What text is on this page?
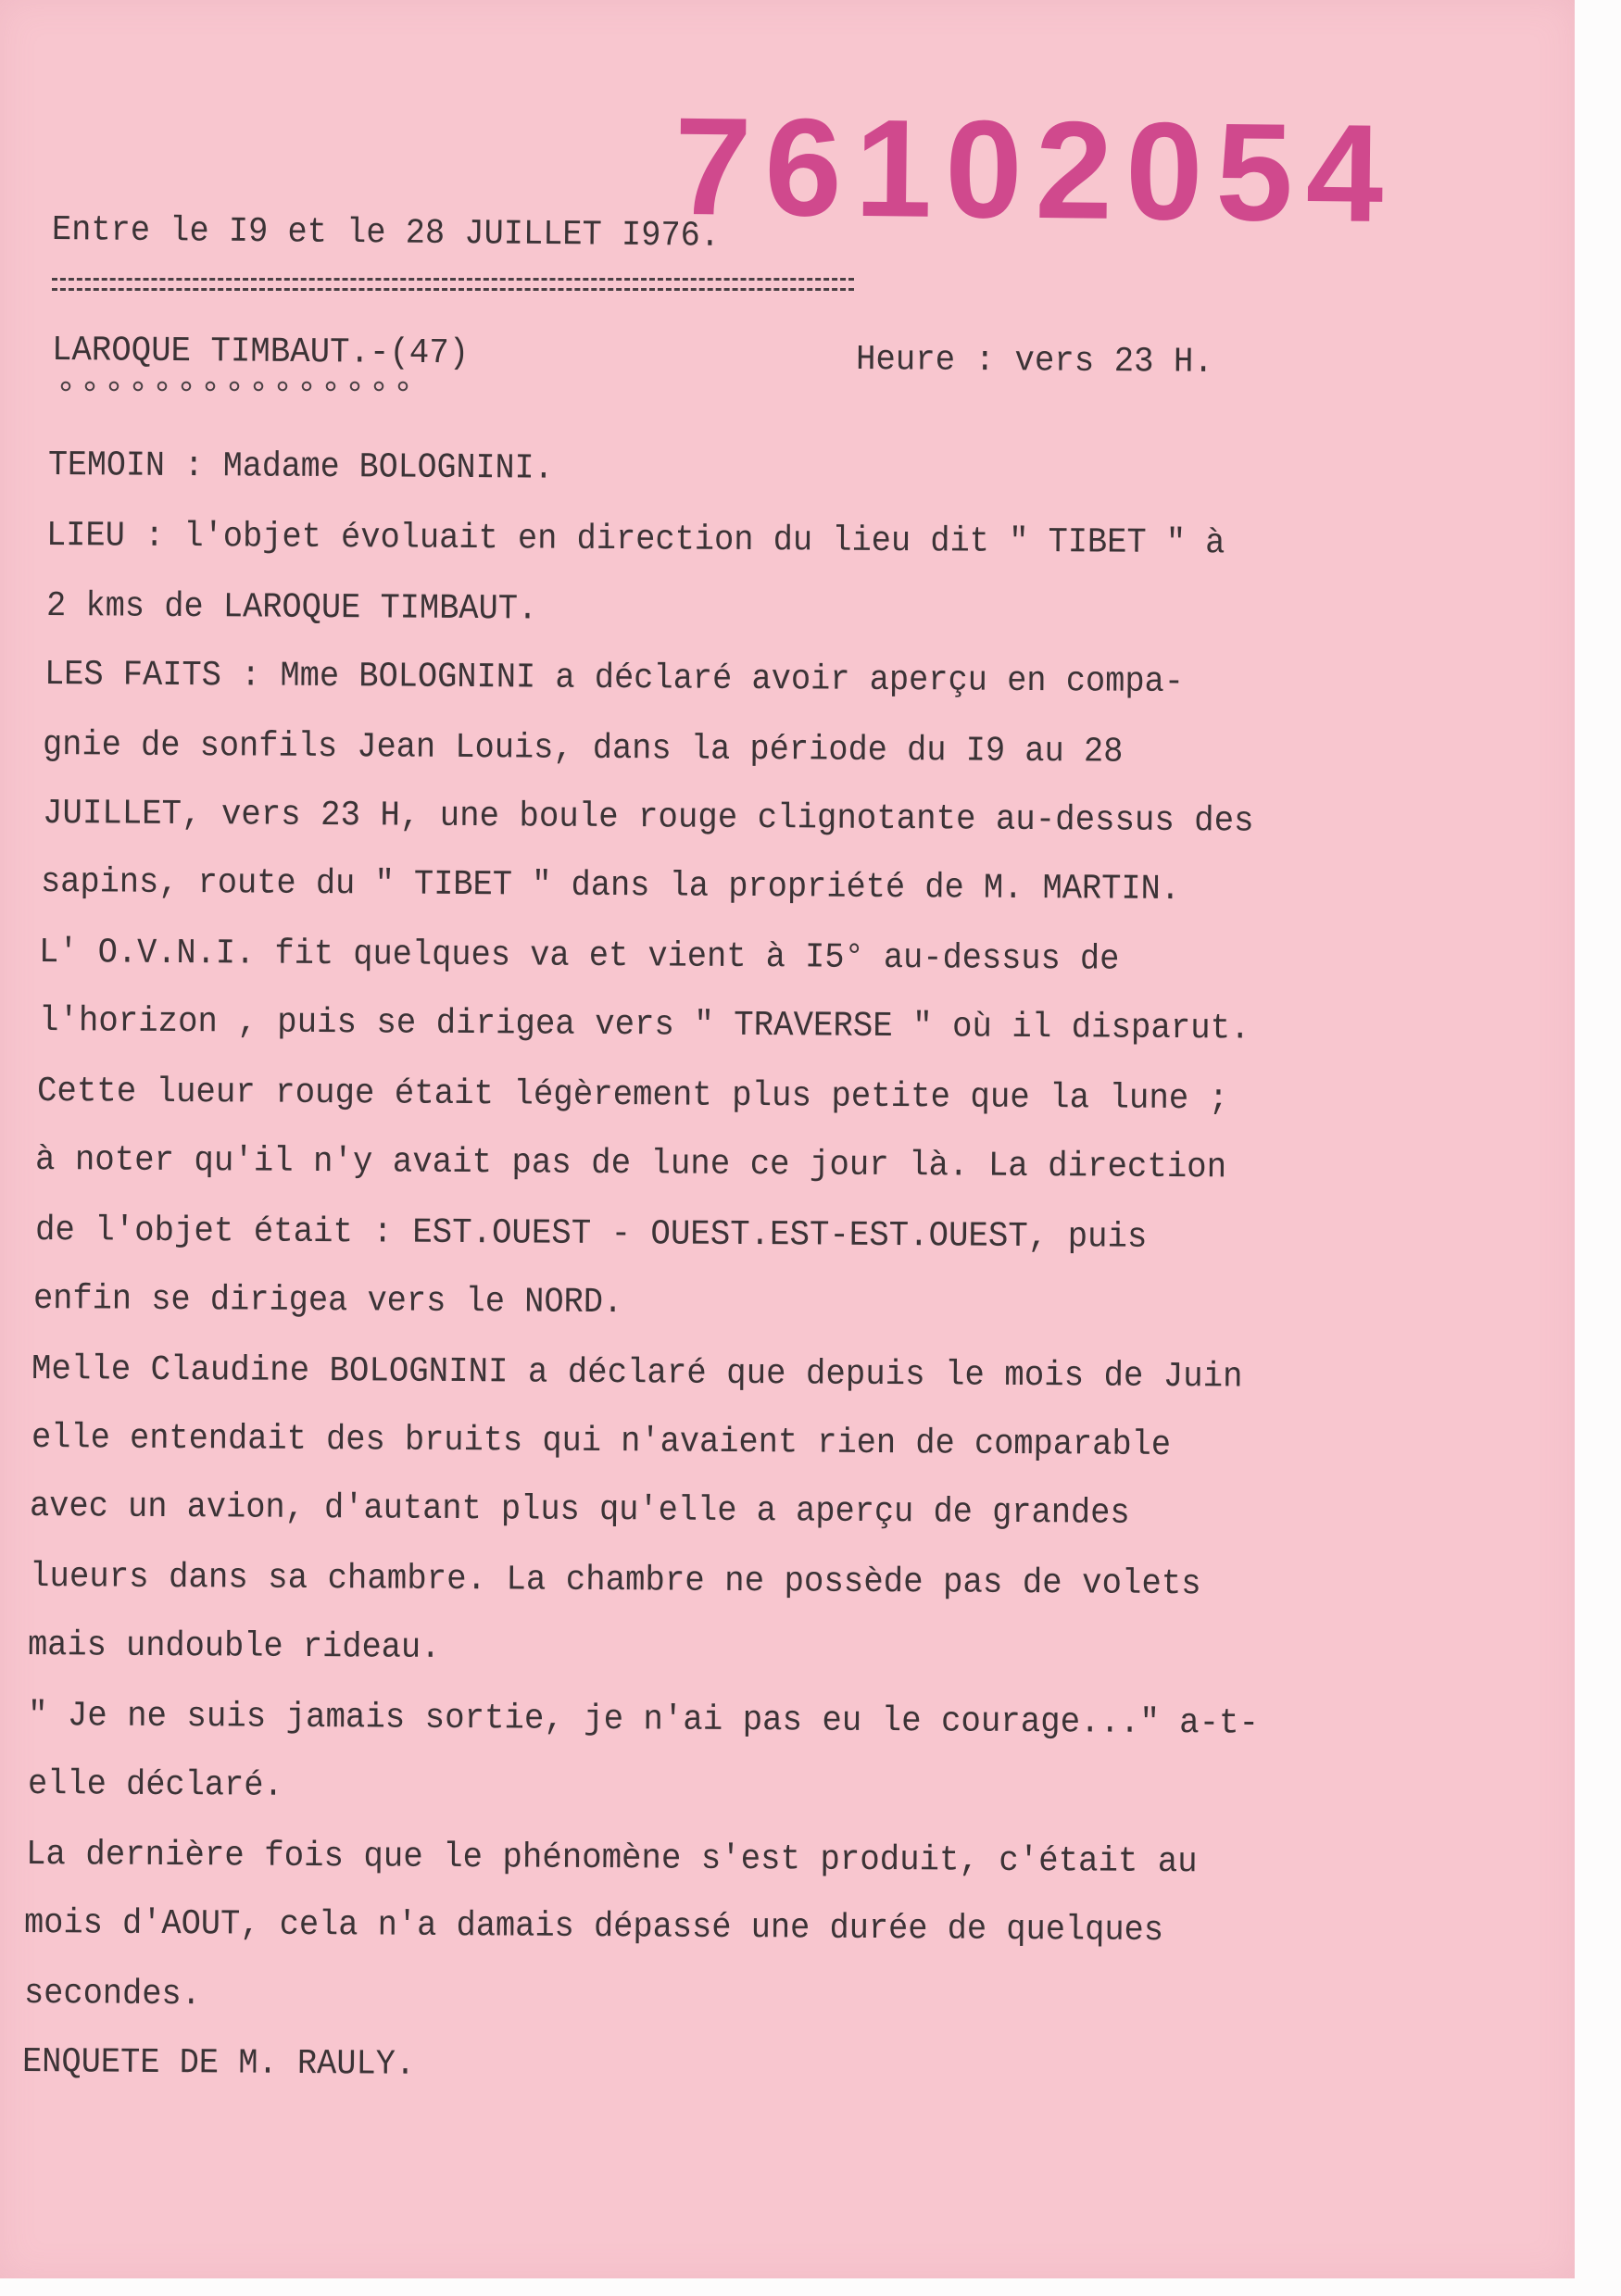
76102054
Entre le I9 et le 28 JUILLET I976.
LAROQUE TIMBAUT.-(47)	Heure : vers 23 H.
TEMOIN : Madame BOLOGNINI.
LIEU : l'objet évoluait en direction du lieu dit " TIBET " à
2 kms de LAROQUE TIMBAUT.
LES FAITS : Mme BOLOGNINI a déclaré avoir aperçu en compa-
gnie de sonfils Jean Louis, dans la période du I9 au 28
JUILLET, vers 23 H, une boule rouge clignotante au-dessus des
sapins, route du " TIBET " dans la propriété de M. MARTIN.
L' O.V.N.I. fit quelques va et vient à I5° au-dessus de
l'horizon , puis se dirigea vers " TRAVERSE " où il disparut.
Cette lueur rouge était légèrement plus petite que la lune ;
à noter qu'il n'y avait pas de lune ce jour là. La direction
de l'objet était : EST.OUEST - OUEST.EST-EST.OUEST, puis
enfin se dirigea vers le NORD.
Melle Claudine BOLOGNINI a déclaré que depuis le mois de Juin
elle entendait des bruits qui n'avaient rien de comparable
avec un avion, d'autant plus qu'elle a aperçu de grandes
lueurs dans sa chambre. La chambre ne possède pas de volets
mais undouble rideau.
" Je ne suis jamais sortie, je n'ai pas eu le courage..." a-t-
elle déclaré.
La dernière fois que le phénomène s'est produit, c'était au
mois d'AOUT, cela n'a damais dépassé une durée de quelques
secondes.
ENQUETE DE M. RAULY.
